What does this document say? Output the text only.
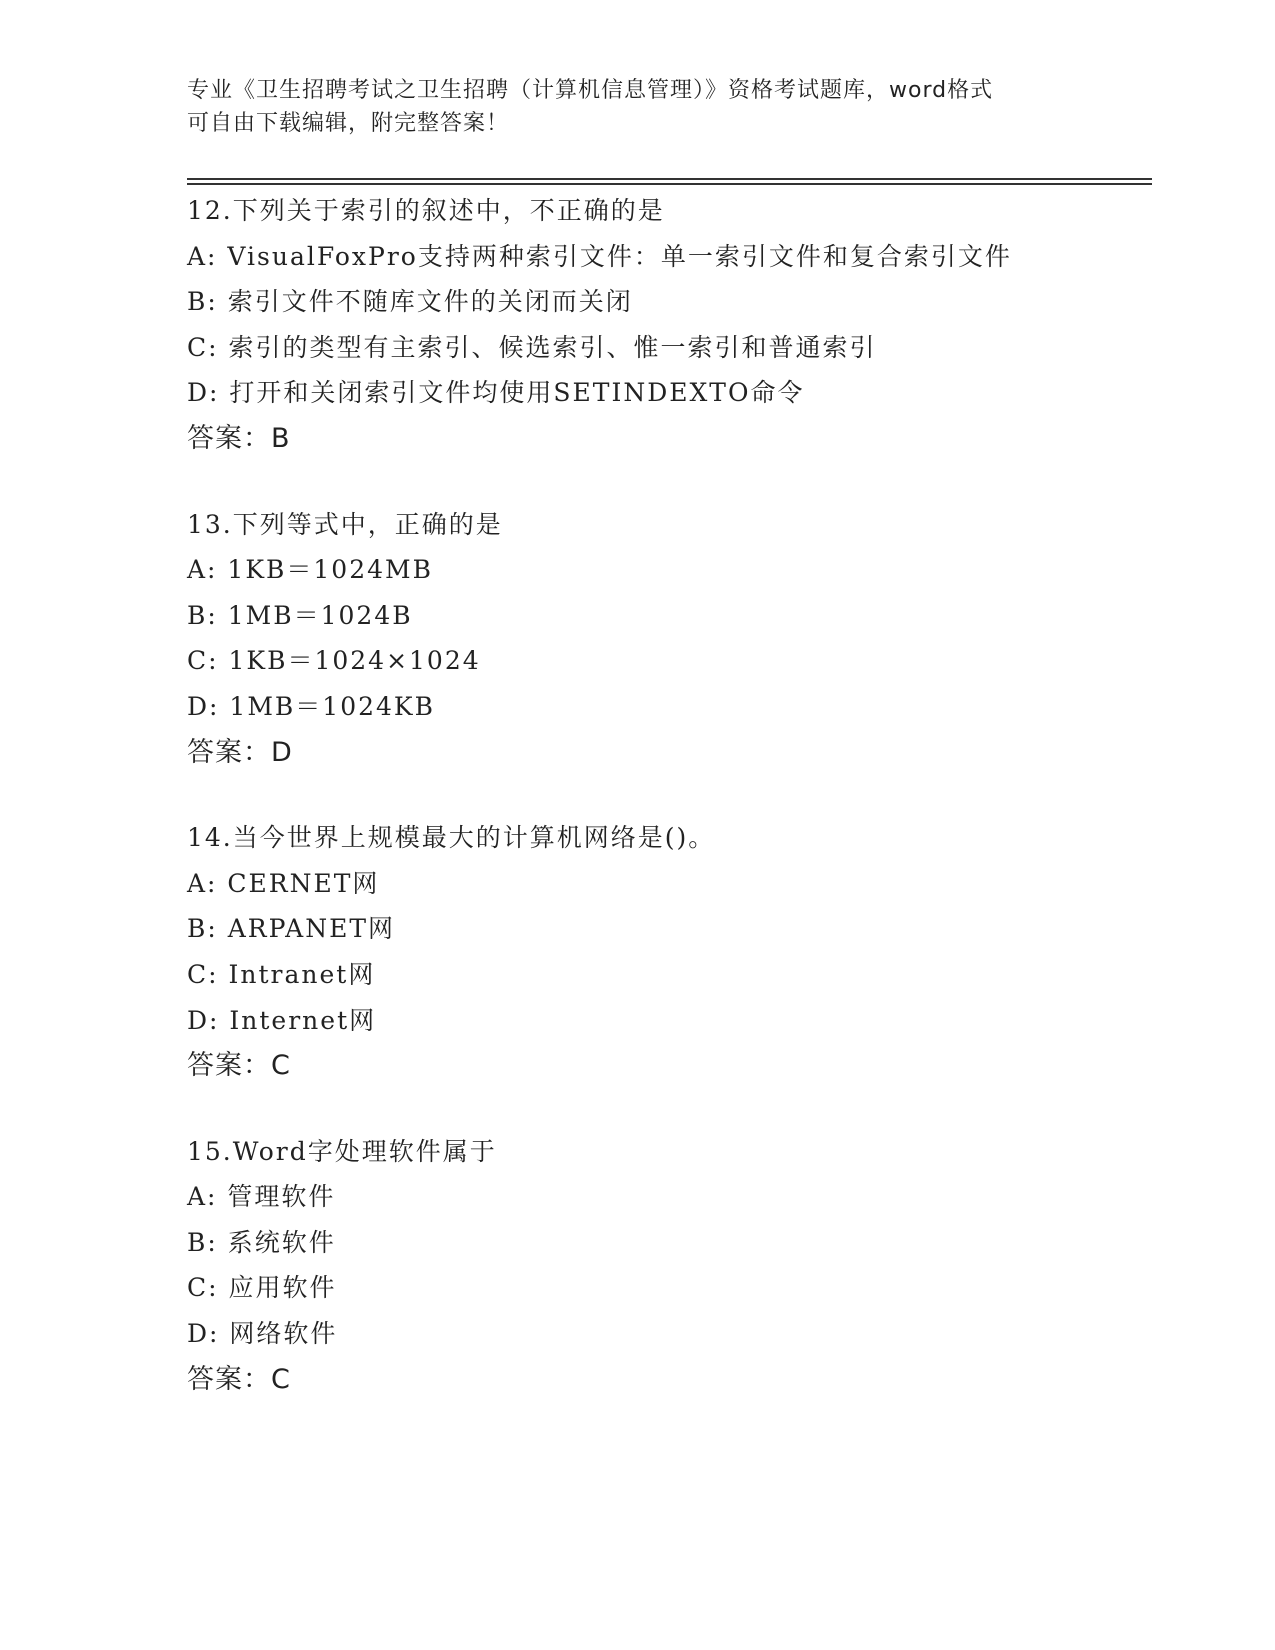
专业《卫生招聘考试之卫生招聘（计算机信息管理）》资格考试题库，word格式
可自由下载编辑，附完整答案！
12.下列关于索引的叙述中，不正确的是
A: VisualFoxPro支持两种索引文件：单一索引文件和复合索引文件
B: 索引文件不随库文件的关闭而关闭
C: 索引的类型有主索引、候选索引、惟一索引和普通索引
D: 打开和关闭索引文件均使用SETINDEXTO命令
答案：B
13.下列等式中，正确的是
A: 1KB＝1024MB
B: 1MB＝1024B
C: 1KB＝1024×1024
D: 1MB＝1024KB
答案：D
14.当今世界上规模最大的计算机网络是()。
A: CERNET网
B: ARPANET网
C: Intranet网
D: Internet网
答案：C
15.Word字处理软件属于
A: 管理软件
B: 系统软件
C: 应用软件
D: 网络软件
答案：C
